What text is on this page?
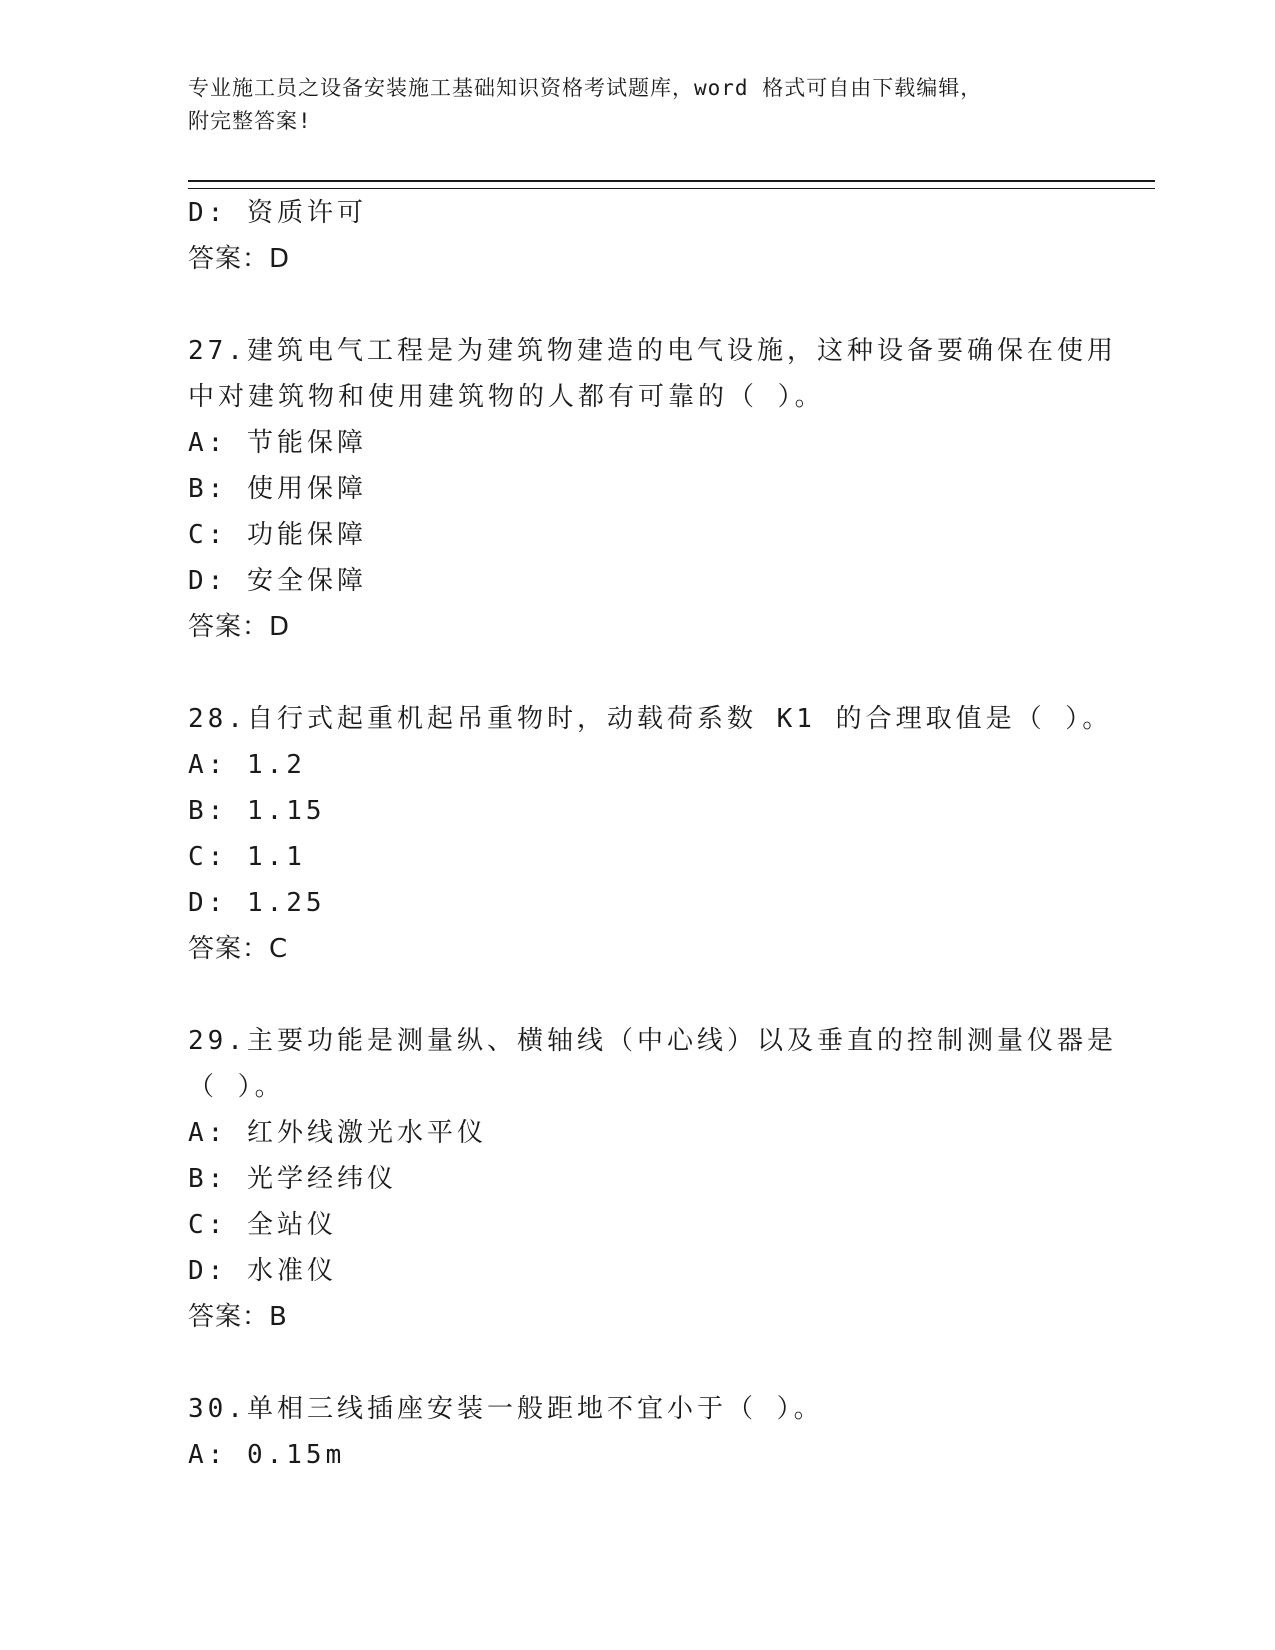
专业施工员之设备安装施工基础知识资格考试题库，word 格式可自由下载编辑，
附完整答案!
D: 资质许可
答案：D
27.建筑电气工程是为建筑物建造的电气设施，这种设备要确保在使用
中对建筑物和使用建筑物的人都有可靠的（ ）。
A: 节能保障
B: 使用保障
C: 功能保障
D: 安全保障
答案：D
28.自行式起重机起吊重物时，动载荷系数 K1 的合理取值是（ ）。
A: 1.2
B: 1.15
C: 1.1
D: 1.25
答案：C
29.主要功能是测量纵、横轴线（中心线）以及垂直的控制测量仪器是
（ ）。
A: 红外线激光水平仪
B: 光学经纬仪
C: 全站仪
D: 水准仪
答案：B
30.单相三线插座安装一般距地不宜小于（ ）。
A: 0.15m
